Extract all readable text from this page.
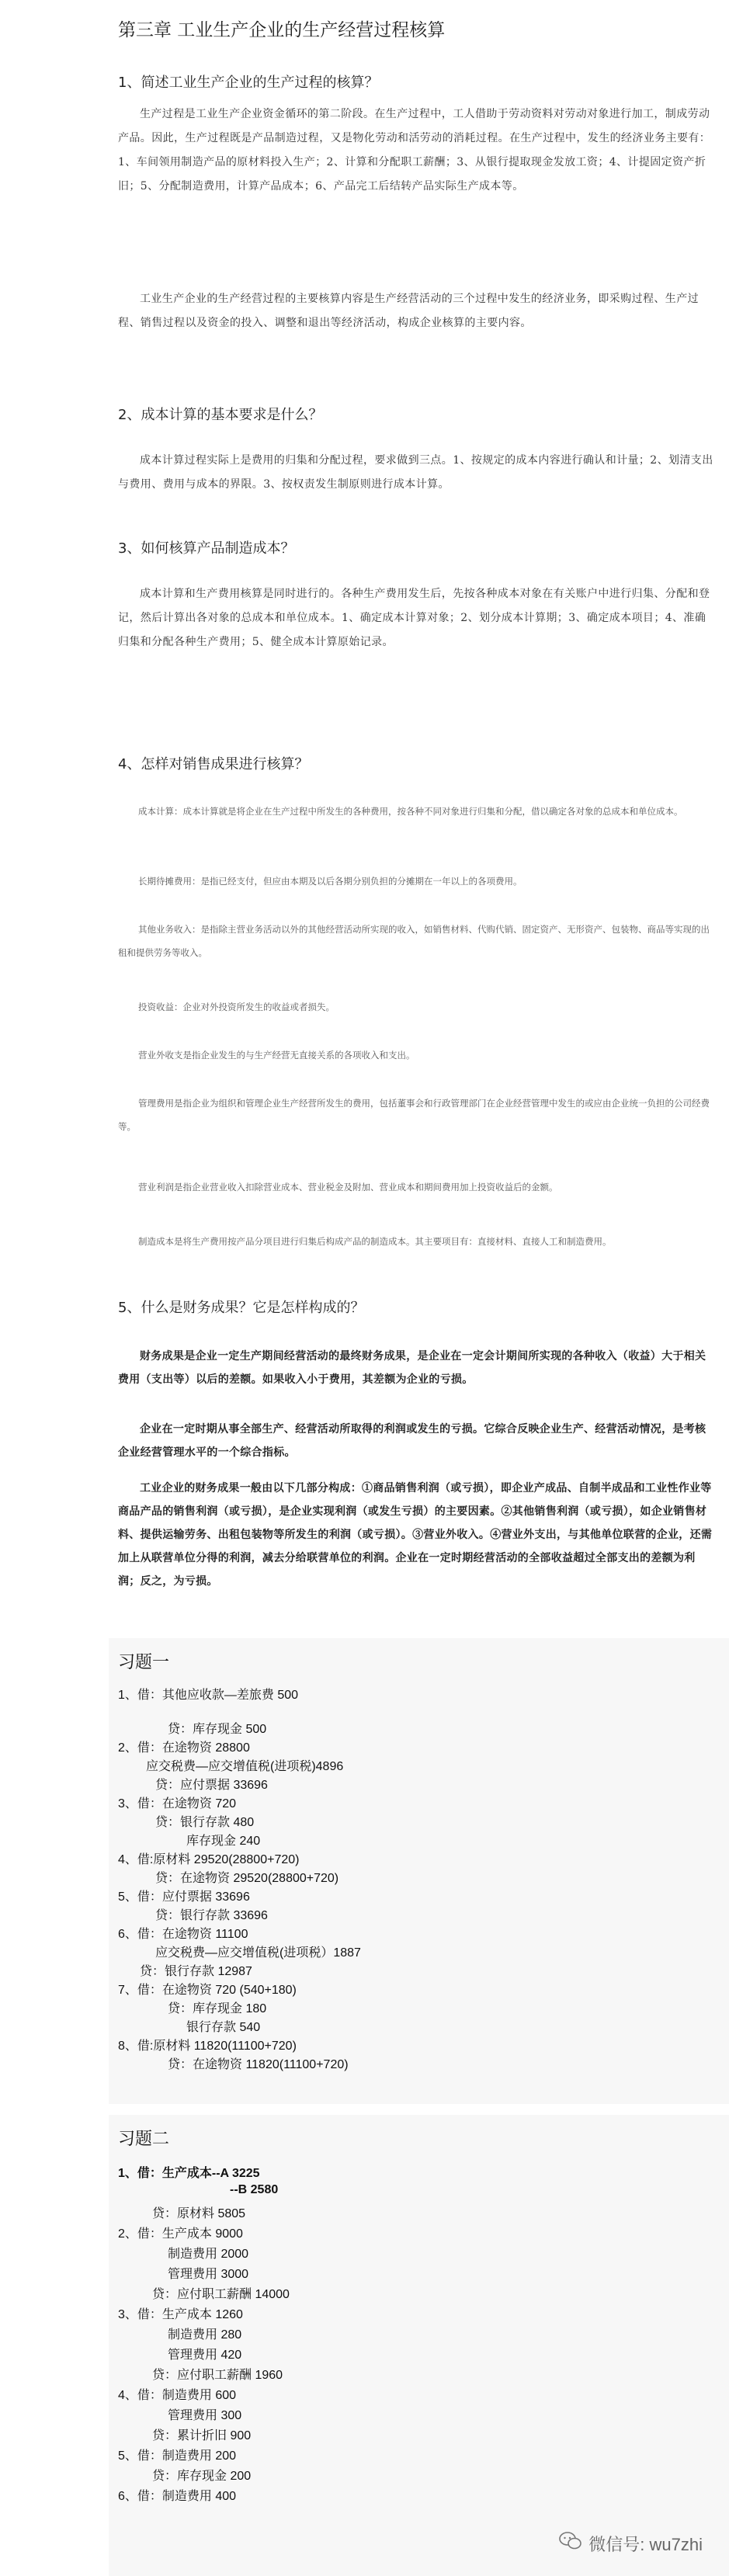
第三章 工业生产企业的生产经营过程核算
1、简述工业生产企业的生产过程的核算？
生产过程是工业生产企业资金循环的第二阶段。在生产过程中，工人借助于劳动资料对劳动对象进行加工，制成劳动产品。因此，生产过程既是产品制造过程，又是物化劳动和活劳动的消耗过程。在生产过程中，发生的经济业务主要有：1、车间领用制造产品的原材料投入生产；2、计算和分配职工薪酬；3、从银行提取现金发放工资；4、计提固定资产折旧；5、分配制造费用，计算产品成本；6、产品完工后结转产品实际生产成本等。
工业生产企业的生产经营过程的主要核算内容是生产经营活动的三个过程中发生的经济业务，即采购过程、生产过程、销售过程以及资金的投入、调整和退出等经济活动，构成企业核算的主要内容。
2、成本计算的基本要求是什么？
成本计算过程实际上是费用的归集和分配过程，要求做到三点。1、按规定的成本内容进行确认和计量；2、划清支出与费用、费用与成本的界限。3、按权责发生制原则进行成本计算。
3、如何核算产品制造成本？
成本计算和生产费用核算是同时进行的。各种生产费用发生后，先按各种成本对象在有关账户中进行归集、分配和登记，然后计算出各对象的总成本和单位成本。1、确定成本计算对象；2、划分成本计算期；3、确定成本项目；4、准确归集和分配各种生产费用；5、健全成本计算原始记录。
4、怎样对销售成果进行核算？
成本计算：成本计算就是将企业在生产过程中所发生的各种费用，按各种不同对象进行归集和分配，借以确定各对象的总成本和单位成本。
长期待摊费用：是指已经支付，但应由本期及以后各期分别负担的分摊期在一年以上的各项费用。
其他业务收入：是指除主营业务活动以外的其他经营活动所实现的收入，如销售材料、代购代销、固定资产、无形资产、包装物、商品等实现的出租和提供劳务等收入。
投资收益：企业对外投资所发生的收益或者损失。
营业外收支是指企业发生的与生产经营无直接关系的各项收入和支出。
管理费用是指企业为组织和管理企业生产经营所发生的费用，包括董事会和行政管理部门在企业经营管理中发生的或应由企业统一负担的公司经费等。
营业利润是指企业营业收入扣除营业成本、营业税金及附加、营业成本和期间费用加上投资收益后的金额。
制造成本是将生产费用按产品分项目进行归集后构成产品的制造成本。其主要项目有：直接材料、直接人工和制造费用。
5、什么是财务成果？它是怎样构成的？
财务成果是企业一定生产期间经营活动的最终财务成果，是企业在一定会计期间所实现的各种收入（收益）大于相关费用（支出等）以后的差额。如果收入小于费用，其差额为企业的亏损。
企业在一定时期从事全部生产、经营活动所取得的利润或发生的亏损。它综合反映企业生产、经营活动情况，是考核企业经营管理水平的一个综合指标。
工业企业的财务成果一般由以下几部分构成：①商品销售利润（或亏损），即企业产成品、自制半成品和工业性作业等商品产品的销售利润（或亏损），是企业实现利润（或发生亏损）的主要因素。②其他销售利润（或亏损），如企业销售材料、提供运输劳务、出租包装物等所发生的利润（或亏损）。③营业外收入。④营业外支出，与其他单位联营的企业，还需加上从联营单位分得的利润，减去分给联营单位的利润。企业在一定时期经营活动的全部收益超过全部支出的差额为利润；反之，为亏损。
习题一
1、借：其他应收款—差旅费 500
贷：库存现金 500
2、借：在途物资 28800
应交税费—应交增值税(进项税)4896
贷：应付票据 33696
3、借：在途物资 720
贷：银行存款 480
库存现金 240
4、借:原材料 29520(28800+720)
贷：在途物资 29520(28800+720)
5、借：应付票据 33696
贷：银行存款 33696
6、借：在途物资 11100
应交税费—应交增值税(进项税）1887
贷：银行存款 12987
7、借：在途物资 720 (540+180)
贷：库存现金 180
银行存款 540
8、借:原材料 11820(11100+720)
贷：在途物资 11820(11100+720)
习题二
1、借：生产成本--A 3225
--B 2580
贷：原材料 5805
2、借：生产成本 9000
制造费用 2000
管理费用 3000
贷：应付职工薪酬 14000
3、借：生产成本 1260
制造费用 280
管理费用 420
贷：应付职工薪酬 1960
4、借：制造费用 600
管理费用 300
贷：累计折旧 900
5、借：制造费用 200
贷：库存现金 200
6、借：制造费用 400
微信号: wu7zhi
